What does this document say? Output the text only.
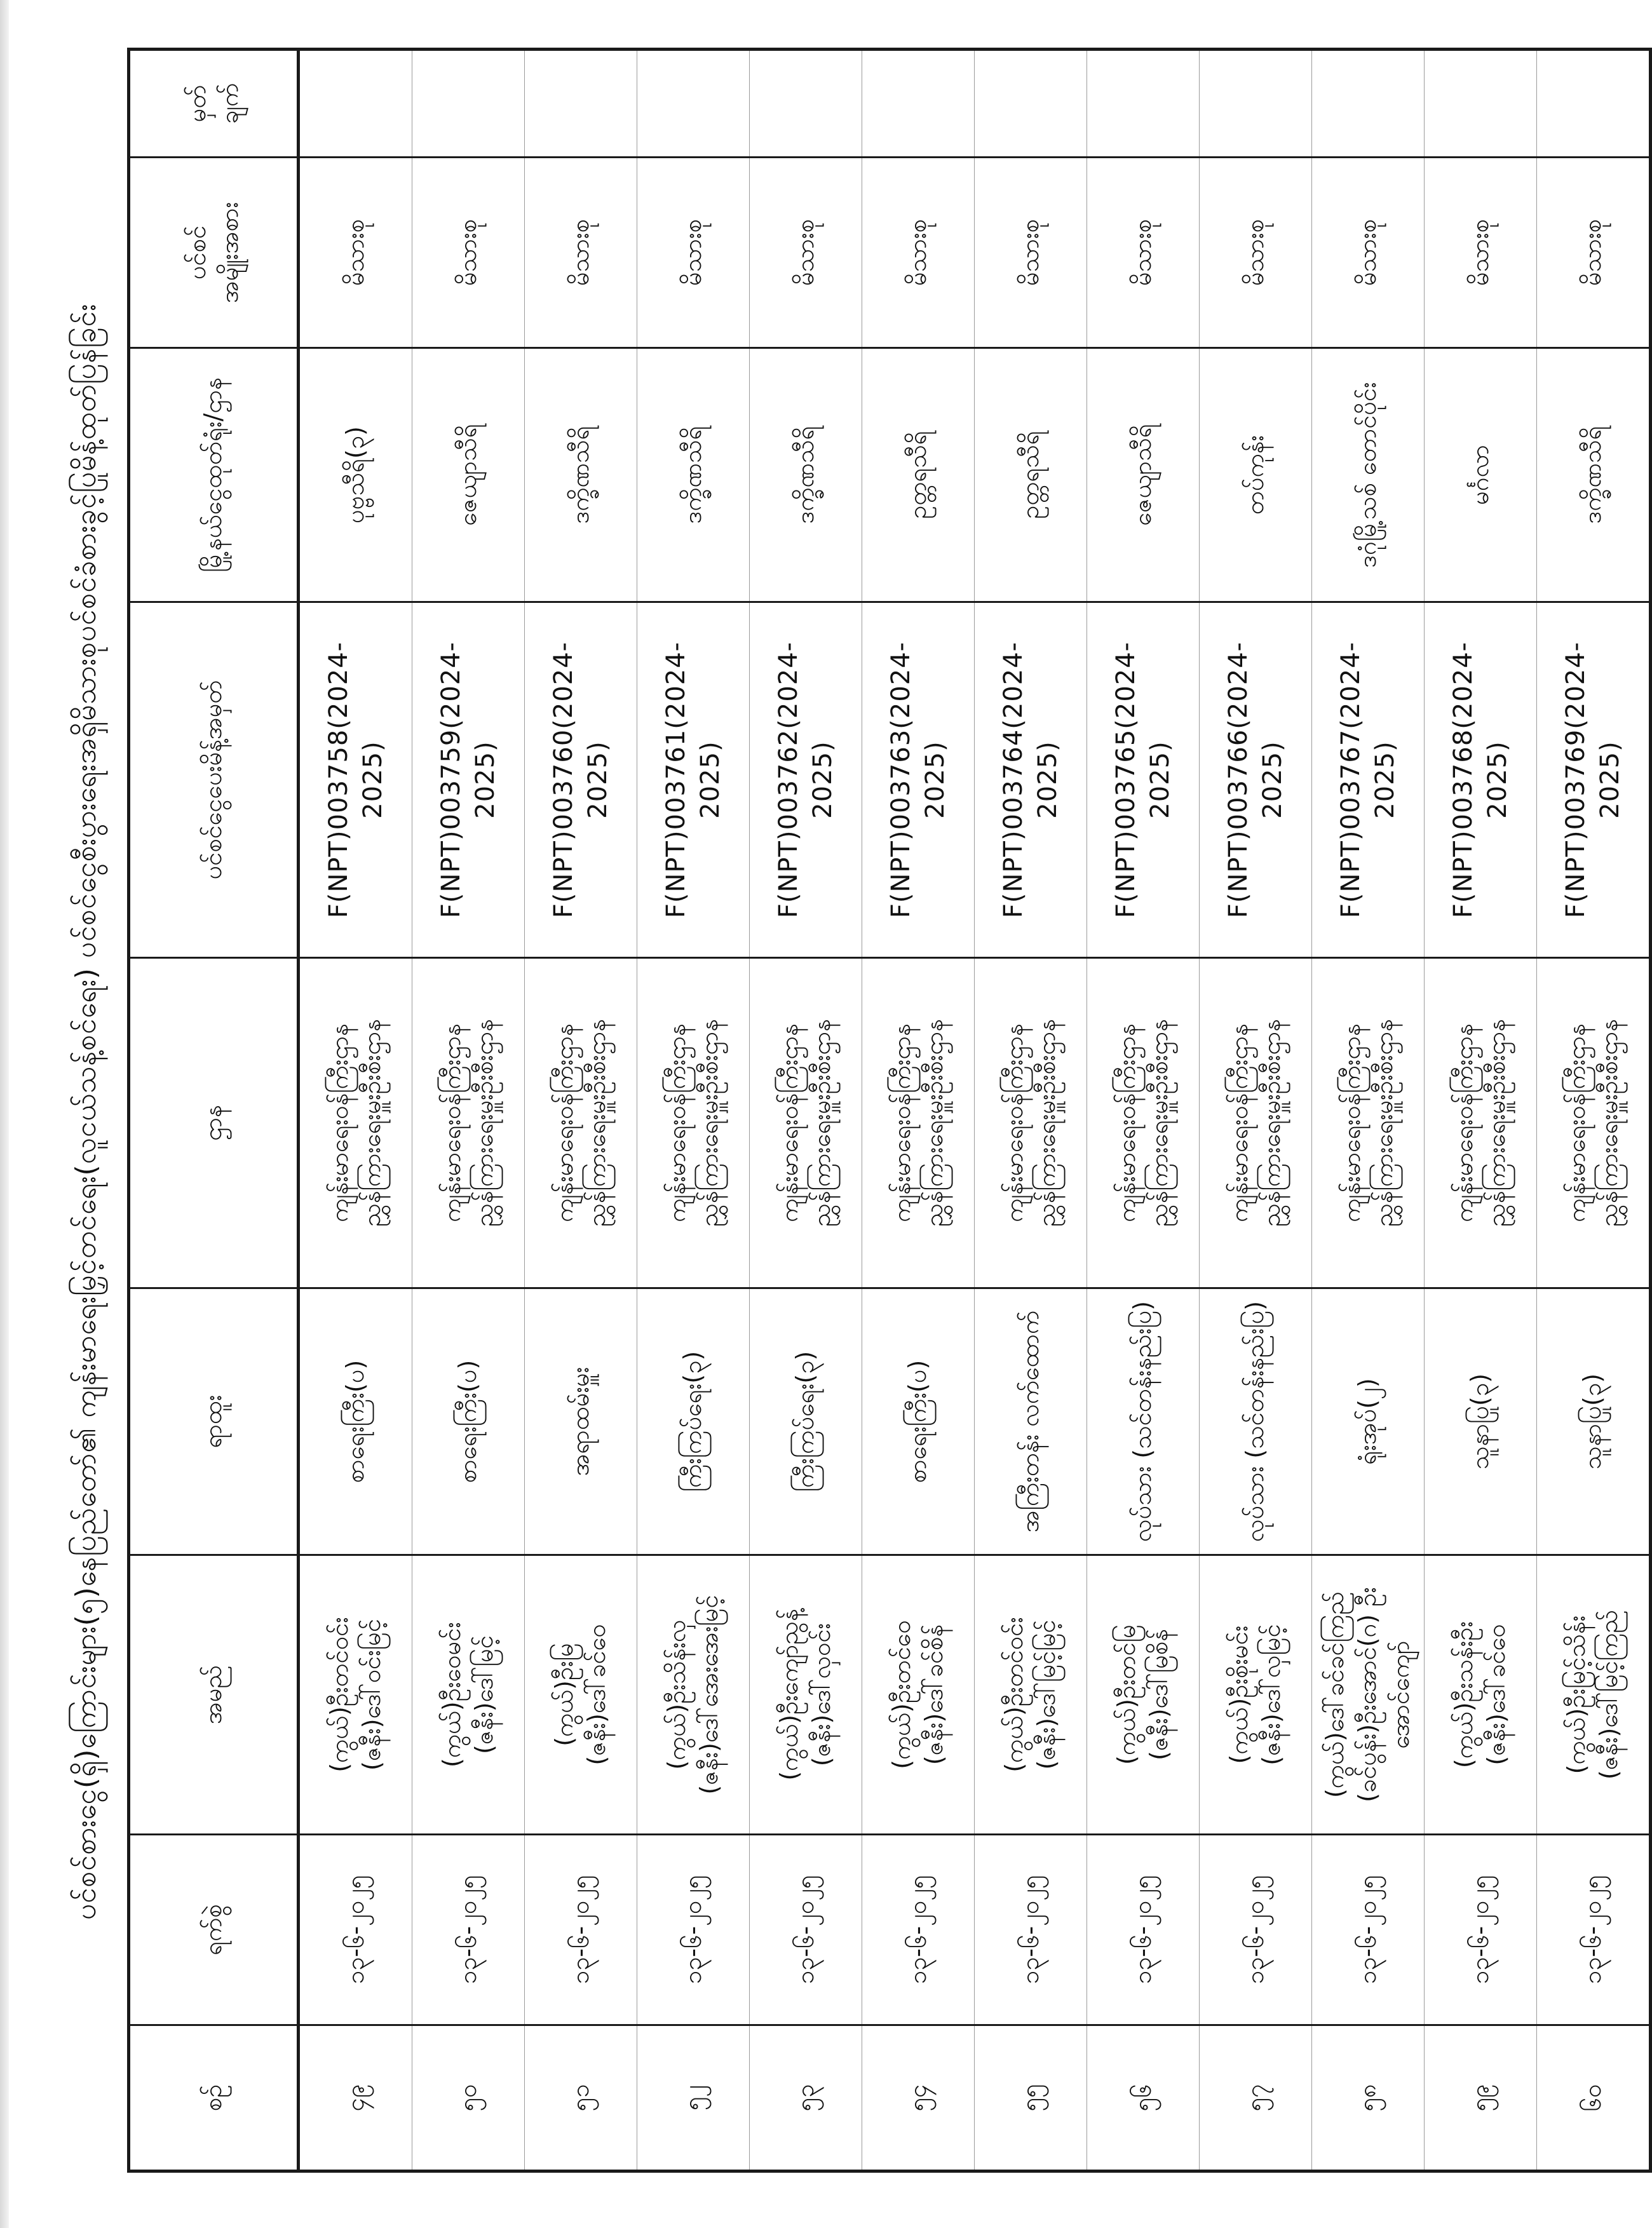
ပင်စင်စားငွေ(ရှိ)ကြောင်းများ(၅)နေပြည်တော်၏ ကျန်းမာရေးမြှင့်တင်ရေး(လူငယ်သန့်စင်ရေး) ပင်စင်ငွေစီးပွားရေးအရှိမိသားစုပင်စင်ခံစားခွင့်ပြုမိန့်ထုတ်ပြန်ခြင်း
စဉ်	ရက်စွဲ	အမည်	ရာထူး	ဌာန	ပင်စင်ငွေပေးမိန့်အမှတ်	မြို့နယ်ငွေထုတ်ရုံး/ဌာန	ပင်စင် အမျိုးအစား	မှတ် ချက်

၄၉	၁၃-၆-၂၀၂၅	(ကွယ်)ဦးတင်ဝင်း (ဇနီး)ဒေါ်ဝင်းမြင့်	စာရေးကြီး(ပ)	ကျန်းမာရေးဝန်ကြီးဌာန ညွှန်ကြားရေးမှူးဦးစီးဌာန	F(NPT)003758(2024-2025)	ပုဗ္ဗသီရိ(၃)	မိသားစု	
၅၀	၁၃-၆-၂၀၂၅	(ကွယ်)ဦးဝေမင်း (ဇနီး)ဒေါ်မြင့်	စာရေးကြီး(ပ)	ကျန်းမာရေးဝန်ကြီးဌာန ညွှန်ကြားရေးမှူးဦးစီးဌာန	F(NPT)003759(2024-2025)	ဇေယျာသီရိ	မိသားစု	
၅၁	၁၃-၆-၂၀၂၅	(ကွယ်)ဦးမြ (ဇနီး)ဒေါ်ခင်ဝေ	အရာထမ်းမှူး	ကျန်းမာရေးဝန်ကြီးဌာန ညွှန်ကြားရေးမှူးဦးစီးဌာန	F(NPT)003760(2024-2025)	ဒက္ခိဏသီရိ	မိသားစု	
၅၂	၁၃-၆-၂၀၂၅	(ကွယ်)ဦးသိန်းလှ (ဇနီး)ဒေါ်အေးအေးမြင့်	ကြီးကြပ်ရေး(၃)	ကျန်းမာရေးဝန်ကြီးဌာန ညွှန်ကြားရေးမှူးဦးစီးဌာန	F(NPT)003761(2024-2025)	ဒက္ခိဏသီရိ	မိသားစု	
၅၃	၁၃-၆-၂၀၂၅	(ကွယ်)ဦးကျော်ညွန့် (ဇနီး)ဒေါ်လှဝင်း	ကြီးကြပ်ရေး(၃)	ကျန်းမာရေးဝန်ကြီးဌာန ညွှန်ကြားရေးမှူးဦးစီးဌာန	F(NPT)003762(2024-2025)	ဒက္ခိဏသီရိ	မိသားစု	
၅၄	၁၃-၆-၂၀၂၅	(ကွယ်)ဦးတင်ဝေ (ဇနီး)ဒေါ်ခင်စိန်	စာရေးကြီး(ပ)	ကျန်းမာရေးဝန်ကြီးဌာန ညွှန်ကြားရေးမှူးဦးစီးဌာန	F(NPT)003763(2024-2025)	ဥတ္တရသီရိ	မိသားစု	
၅၅	၁၃-၆-၂၀၂၅	(ကွယ်)ဦးတင်ဝင်း (ဇနီး)ဒေါ်မြင့်မြင့်	အကြီးတန်း လက်ထောက်	ကျန်းမာရေးဝန်ကြီးဌာန ညွှန်ကြားရေးမှူးဦးစီးဌာန	F(NPT)003764(2024-2025)	ဥတ္တရသီရိ	မိသားစု	
၅၆	၁၃-၆-၂၀၂၅	(ကွယ်)ဦးတင်မြ (ဇနီး)ဒေါ်မြစိန်	လုပ်သား (သင်တန်းနည်းပြ)	ကျန်းမာရေးဝန်ကြီးဌာန ညွှန်ကြားရေးမှူးဦးစီးဌာန	F(NPT)003765(2024-2025)	ဇေယျာသီရိ	မိသားစု	
၅၇	၁၃-၆-၂၀၂၅	(ကွယ်)ဦးစိုးမင်း (ဇနီး)ဒေါ်လှမြင့်	လုပ်သား (သင်တန်းနည်းပြ)	ကျန်းမာရေးဝန်ကြီးဌာန ညွှန်ကြားရေးမှူးဦးစီးဌာန	F(NPT)003766(2024-2025)	တပ်ကုန်း	မိသားစု	
၅၈	၁၃-၆-၂၀၂၅	(ကွယ်)ဒေါ်ခင်ခင်ကြည် (ခင်ပွန်း)ဦးအောင်(ဂ) ဦးအောင်ကျော်	ရုံးအုပ်(၂)	ကျန်းမာရေးဝန်ကြီးဌာန ညွှန်ကြားရေးမှူးဦးစီးဌာန	F(NPT)003767(2024-2025)	ဒဂုံမြို့သစ် တောင်ပိုင်း	မိသားစု	
၅၉	၁၃-၆-၂၀၂၅	(ကွယ်)ဦးသန်းဦး (ဇနီး)ဒေါ်ခင်ဝေ	သူနာပြု(၃)	ကျန်းမာရေးဝန်ကြီးဌာန ညွှန်ကြားရေးမှူးဦးစီးဌာန	F(NPT)003768(2024-2025)	မင်္ဂလာ	မိသားစု	
၆၀	၁၃-၆-၂၀၂၅	(ကွယ်)ဦးမြင့်သိန်း (ဇနီး)ဒေါ်မြင့်ကြည်	သူနာပြု(၃)	ကျန်းမာရေးဝန်ကြီးဌာန ညွှန်ကြားရေးမှူးဦးစီးဌာန	F(NPT)003769(2024-2025)	ဒက္ခိဏသီရိ	မိသားစု	
